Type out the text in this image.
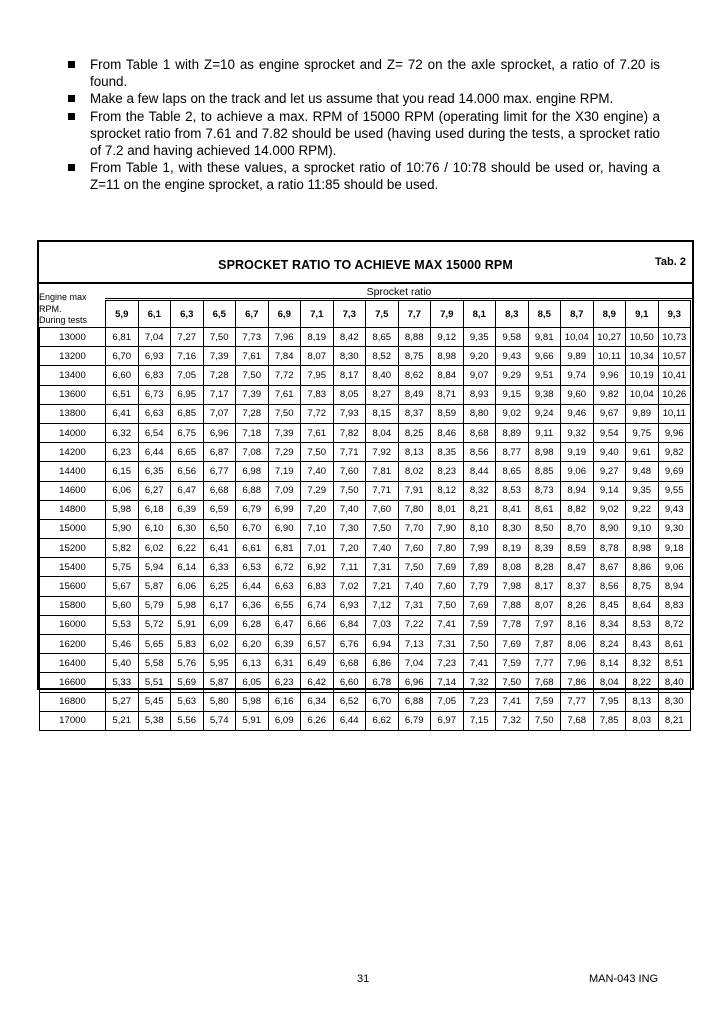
From Table 1 with Z=10 as engine sprocket and Z= 72 on the axle sprocket, a ratio of 7.20 is found.
Make a few laps on the track and let us assume that you read 14.000 max. engine RPM.
From the Table 2, to achieve a max. RPM of 15000 RPM (operating limit for the X30 engine) a sprocket ratio from 7.61 and 7.82 should be used (having used during the tests, a sprocket ratio of 7.2 and having achieved 14.000 RPM).
From Table 1, with these values, a sprocket ratio of 10:76 / 10:78 should be used or, having a Z=11 on the engine sprocket, a ratio 11:85 should be used.
SPROCKET RATIO TO ACHIEVE MAX 15000 RPM	Tab. 2
Engine max
RPM.
During tests
Sprocket ratio
	5,9	6,1	6,3	6,5	6,7	6,9	7,1	7,3	7,5	7,7	7,9	8,1	8,3	8,5	8,7	8,9	9,1	9,3
13000	6,81	7,04	7,27	7,50	7,73	7,96	8,19	8,42	8,65	8,88	9,12	9,35	9,58	9,81	10,04	10,27	10,50	10,73
13200	6,70	6,93	7,16	7,39	7,61	7,84	8,07	8,30	8,52	8,75	8,98	9,20	9,43	9,66	9,89	10,11	10,34	10,57
13400	6,60	6,83	7,05	7,28	7,50	7,72	7,95	8,17	8,40	8,62	8,84	9,07	9,29	9,51	9,74	9,96	10,19	10,41
13600	6,51	6,73	6,95	7,17	7,39	7,61	7,83	8,05	8,27	8,49	8,71	8,93	9,15	9,38	9,60	9,82	10,04	10,26
13800	6,41	6,63	6,85	7,07	7,28	7,50	7,72	7,93	8,15	8,37	8,59	8,80	9,02	9,24	9,46	9,67	9,89	10,11
14000	6,32	6,54	6,75	6,96	7,18	7,39	7,61	7,82	8,04	8,25	8,46	8,68	8,89	9,11	9,32	9,54	9,75	9,96
14200	6,23	6,44	6,65	6,87	7,08	7,29	7,50	7,71	7,92	8,13	8,35	8,56	8,77	8,98	9,19	9,40	9,61	9,82
14400	6,15	6,35	6,56	6,77	6,98	7,19	7,40	7,60	7,81	8,02	8,23	8,44	8,65	8,85	9,06	9,27	9,48	9,69
14600	6,06	6,27	6,47	6,68	6,88	7,09	7,29	7,50	7,71	7,91	8,12	8,32	8,53	8,73	8,94	9,14	9,35	9,55
14800	5,98	6,18	6,39	6,59	6,79	6,99	7,20	7,40	7,60	7,80	8,01	8,21	8,41	8,61	8,82	9,02	9,22	9,43
15000	5,90	6,10	6,30	6,50	6,70	6,90	7,10	7,30	7,50	7,70	7,90	8,10	8,30	8,50	8,70	8,90	9,10	9,30
15200	5,82	6,02	6,22	6,41	6,61	6,81	7,01	7,20	7,40	7,60	7,80	7,99	8,19	8,39	8,59	8,78	8,98	9,18
15400	5,75	5,94	6,14	6,33	6,53	6,72	6,92	7,11	7,31	7,50	7,69	7,89	8,08	8,28	8,47	8,67	8,86	9,06
15600	5,67	5,87	6,06	6,25	6,44	6,63	6,83	7,02	7,21	7,40	7,60	7,79	7,98	8,17	8,37	8,56	8,75	8,94
15800	5,60	5,79	5,98	6,17	6,36	6,55	6,74	6,93	7,12	7,31	7,50	7,69	7,88	8,07	8,26	8,45	8,64	8,83
16000	5,53	5,72	5,91	6,09	6,28	6,47	6,66	6,84	7,03	7,22	7,41	7,59	7,78	7,97	8,16	8,34	8,53	8,72
16200	5,46	5,65	5,83	6,02	6,20	6,39	6,57	6,76	6,94	7,13	7,31	7,50	7,69	7,87	8,06	8,24	8,43	8,61
16400	5,40	5,58	5,76	5,95	6,13	6,31	6,49	6,68	6,86	7,04	7,23	7,41	7,59	7,77	7,96	8,14	8,32	8,51
16600	5,33	5,51	5,69	5,87	6,05	6,23	6,42	6,60	6,78	6,96	7,14	7,32	7,50	7,68	7,86	8,04	8,22	8,40
16800	5,27	5,45	5,63	5,80	5,98	6,16	6,34	6,52	6,70	6,88	7,05	7,23	7,41	7,59	7,77	7,95	8,13	8,30
17000	5,21	5,38	5,56	5,74	5,91	6,09	6,26	6,44	6,62	6,79	6,97	7,15	7,32	7,50	7,68	7,85	8,03	8,21
31	MAN-043 ING
